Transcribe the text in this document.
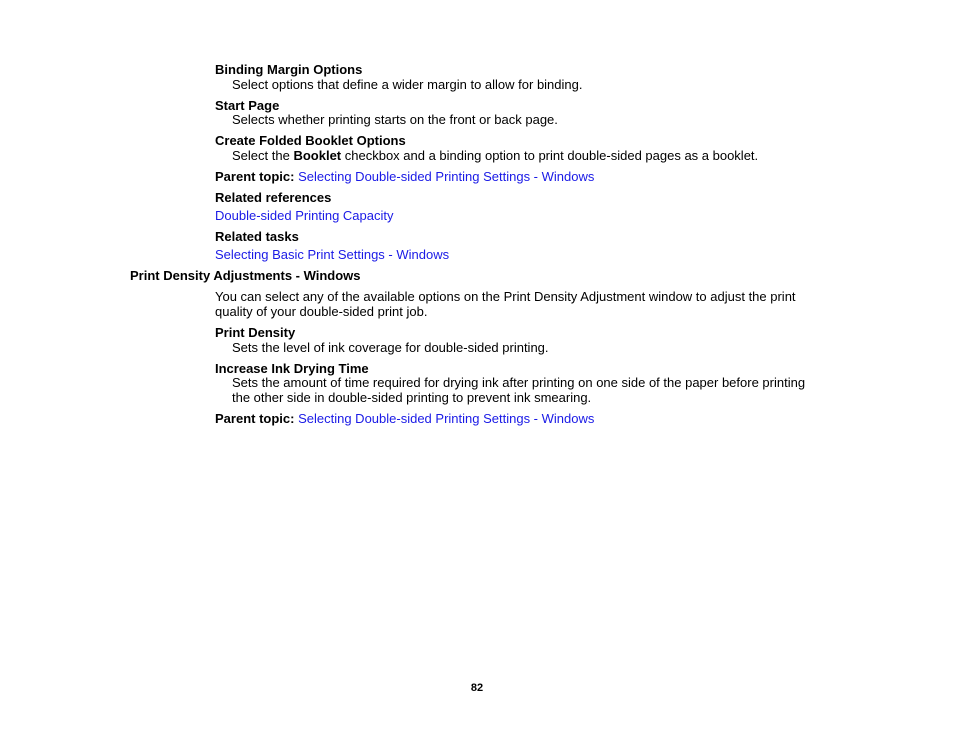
Binding Margin Options
Select options that define a wider margin to allow for binding.
Start Page
Selects whether printing starts on the front or back page.
Create Folded Booklet Options
Select the Booklet checkbox and a binding option to print double-sided pages as a booklet.
Parent topic: Selecting Double-sided Printing Settings - Windows
Related references
Double-sided Printing Capacity
Related tasks
Selecting Basic Print Settings - Windows
Print Density Adjustments - Windows
You can select any of the available options on the Print Density Adjustment window to adjust the print
quality of your double-sided print job.
Print Density
Sets the level of ink coverage for double-sided printing.
Increase Ink Drying Time
Sets the amount of time required for drying ink after printing on one side of the paper before printing
the other side in double-sided printing to prevent ink smearing.
Parent topic: Selecting Double-sided Printing Settings - Windows
82
